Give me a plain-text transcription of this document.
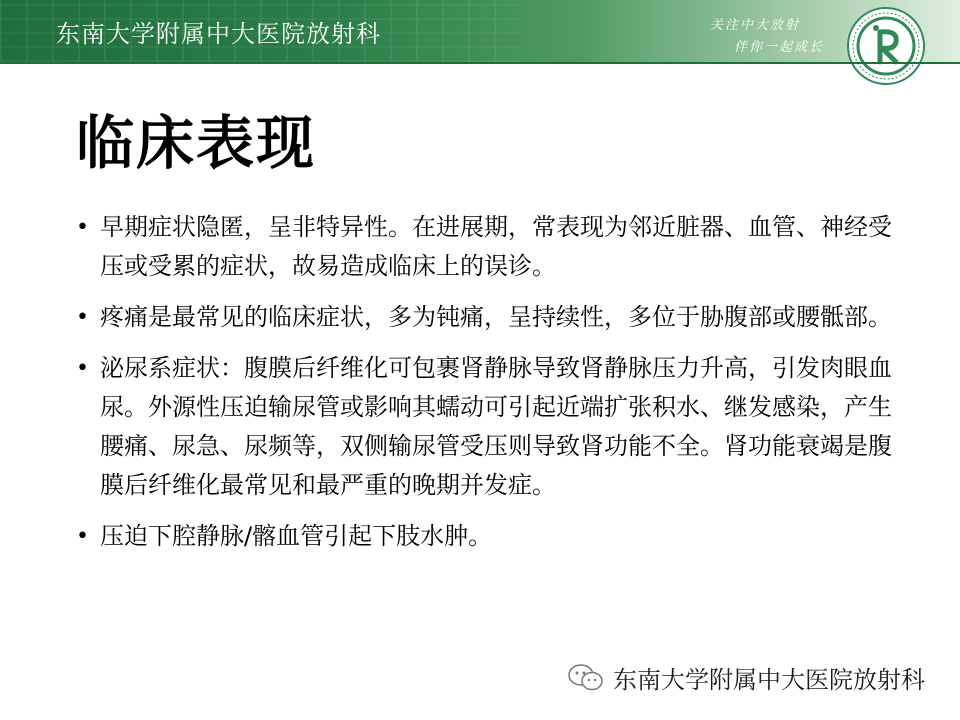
东南大学附属中大医院放射科	关注中大放射
伴你一起成长
临床表现
• 早期症状隐匿，呈非特异性。在进展期，常表现为邻近脏器、血管、神经受压或受累的症状，故易造成临床上的误诊。
• 疼痛是最常见的临床症状，多为钝痛，呈持续性，多位于胁腹部或腰骶部。
• 泌尿系症状：腹膜后纤维化可包裹肾静脉导致肾静脉压力升高，引发肉眼血尿。外源性压迫输尿管或影响其蠕动可引起近端扩张积水、继发感染，产生腰痛、尿急、尿频等，双侧输尿管受压则导致肾功能不全。肾功能衰竭是腹膜后纤维化最常见和最严重的晚期并发症。
• 压迫下腔静脉/髂血管引起下肢水肿。
东南大学附属中大医院放射科
